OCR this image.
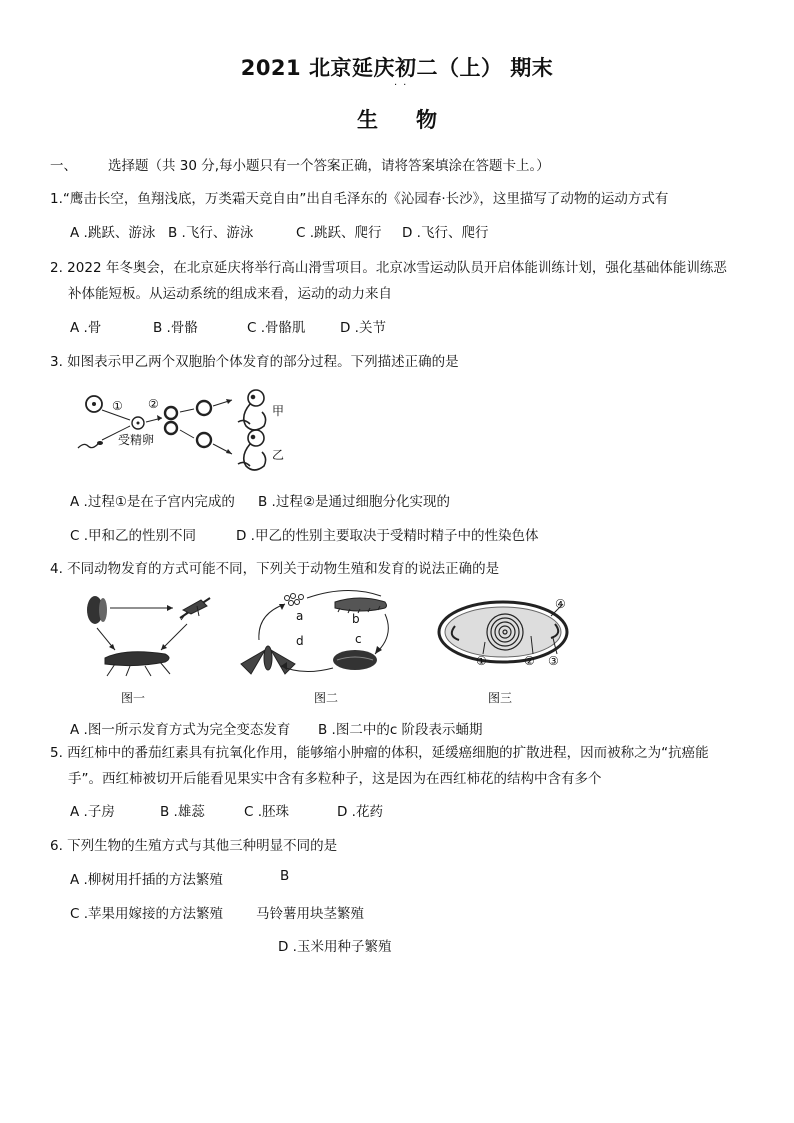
2021 北京延庆初二（上） 期末
··
生物
一、 选择题（共 30 分,每小题只有一个答案正确，请将答案填涂在答题卡上。）
1.“鹰击长空，鱼翔浅底，万类霜天竞自由”出自毛泽东的《沁园春·长沙》，这里描写了动物的运动方式有
A .跳跃、游泳 B .飞行、游泳	C .跳跃、爬行 D .飞行、爬行
2. 2022 年冬奥会，在北京延庆将举行高山滑雪项目。北京冰雪运动队员开启体能训练计划，强化基础体能训练恶
补体能短板。从运动系统的组成来看，运动的动力来自
A .骨	B .骨骼	C .骨骼肌	D .关节
3. 如图表示甲乙两个双胞胎个体发育的部分过程。下列描述正确的是
① ②
受精卵
甲
乙
A .过程①是在子宫内完成的 B .过程②是通过细胞分化实现的
C .甲和乙的性别不同	D .甲乙的性别主要取决于受精时精子中的性染色体
4. 不同动物发育的方式可能不同，下列关于动物生殖和发育的说法正确的是
图一
a	b
c
d
图二
①	② ③
④
图三
A .图一所示发育方式为完全变态发育 B .图二中的c 阶段表示蛹期
5. 西红柿中的番茄红素具有抗氧化作用，能够缩小肿瘤的体积，延缓癌细胞的扩散进程，因而被称之为“抗癌能
手”。西红柿被切开后能看见果实中含有多粒种子，这是因为在西红柿花的结构中含有多个
A .子房	B .雄蕊	C .胚珠	D .花药
6. 下列生物的生殖方式与其他三种明显不同的是
A .柳树用扦插的方法繁殖	B
C .苹果用嫁接的方法繁殖 马铃薯用块茎繁殖
D .玉米用种子繁殖
